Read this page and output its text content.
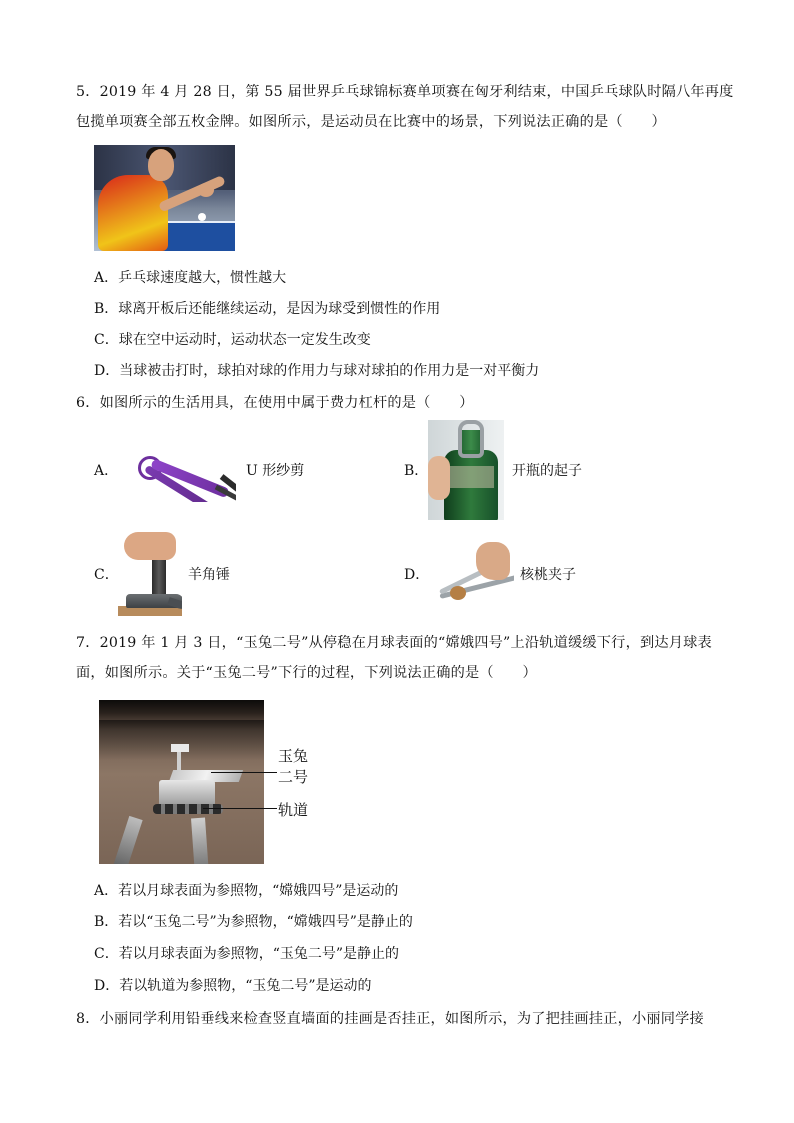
5．2019 年 4 月 28 日，第 55 届世界乒乓球锦标赛单项赛在匈牙利结束，中国乒乓球队时隔八年再度
包揽单项赛全部五枚金牌。如图所示，是运动员在比赛中的场景，下列说法正确的是（　　）
A．乒乓球速度越大，惯性越大
B．球离开板后还能继续运动，是因为球受到惯性的作用
C．球在空中运动时，运动状态一定发生改变
D．当球被击打时，球拍对球的作用力与球对球拍的作用力是一对平衡力
6．如图所示的生活用具，在使用中属于费力杠杆的是（　　）
A．	U 形纱剪	B．	开瓶的起子
C．	羊角锤	D．	核桃夹子
7．2019 年 1 月 3 日，“玉兔二号”从停稳在月球表面的“嫦娥四号”上沿轨道缓缓下行，到达月球表
面，如图所示。关于“玉兔二号”下行的过程，下列说法正确的是（　　）
玉兔
二号
轨道
A．若以月球表面为参照物，“嫦娥四号”是运动的
B．若以“玉兔二号”为参照物，“嫦娥四号”是静止的
C．若以月球表面为参照物，“玉兔二号”是静止的
D．若以轨道为参照物，“玉兔二号”是运动的
8．小丽同学利用铅垂线来检查竖直墙面的挂画是否挂正，如图所示，为了把挂画挂正，小丽同学接
